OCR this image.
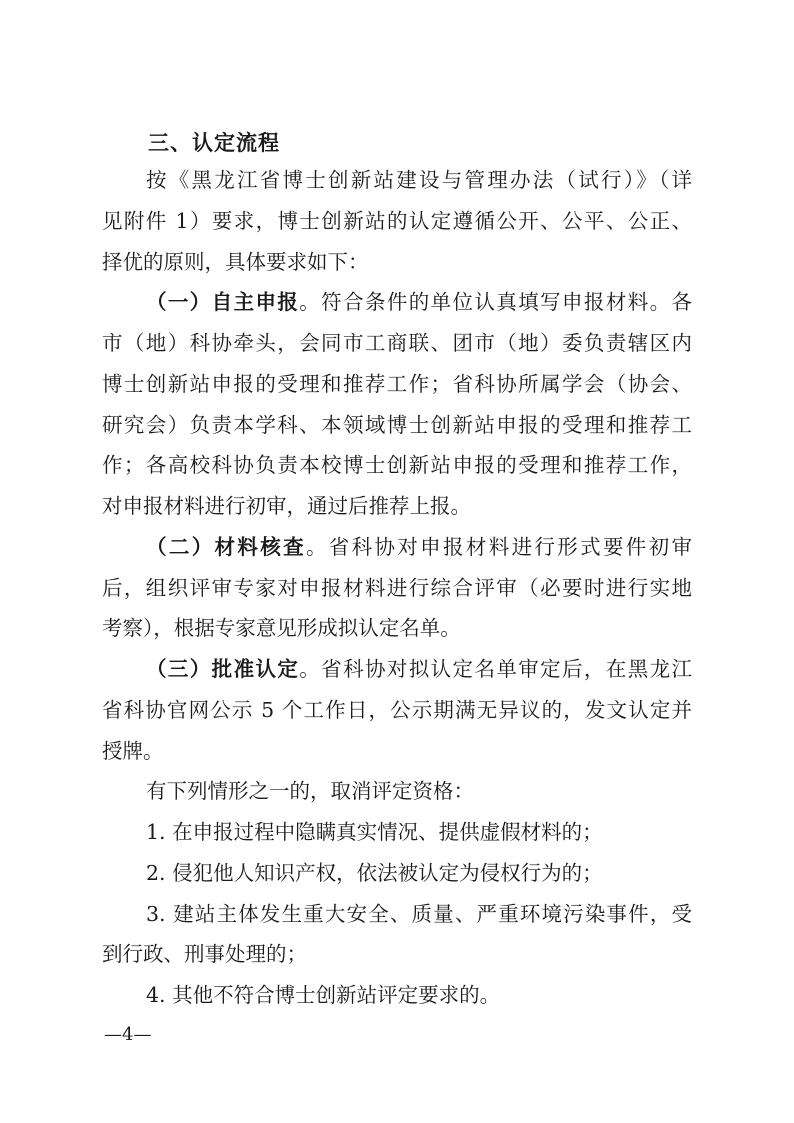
三、认定流程
按《黑龙江省博士创新站建设与管理办法（试行）》（详
见附件 1）要求，博士创新站的认定遵循公开、公平、公正、
择优的原则，具体要求如下：
（一）自主申报。符合条件的单位认真填写申报材料。各
市（地）科协牵头，会同市工商联、团市（地）委负责辖区内
博士创新站申报的受理和推荐工作；省科协所属学会（协会、
研究会）负责本学科、本领域博士创新站申报的受理和推荐工
作；各高校科协负责本校博士创新站申报的受理和推荐工作，
对申报材料进行初审，通过后推荐上报。
（二）材料核查。省科协对申报材料进行形式要件初审
后，组织评审专家对申报材料进行综合评审（必要时进行实地
考察），根据专家意见形成拟认定名单。
（三）批准认定。省科协对拟认定名单审定后，在黑龙江
省科协官网公示 5 个工作日，公示期满无异议的，发文认定并
授牌。
有下列情形之一的，取消评定资格：
1. 在申报过程中隐瞒真实情况、提供虚假材料的；
2. 侵犯他人知识产权，依法被认定为侵权行为的；
3. 建站主体发生重大安全、质量、严重环境污染事件，受
到行政、刑事处理的；
4. 其他不符合博士创新站评定要求的。
—4—
